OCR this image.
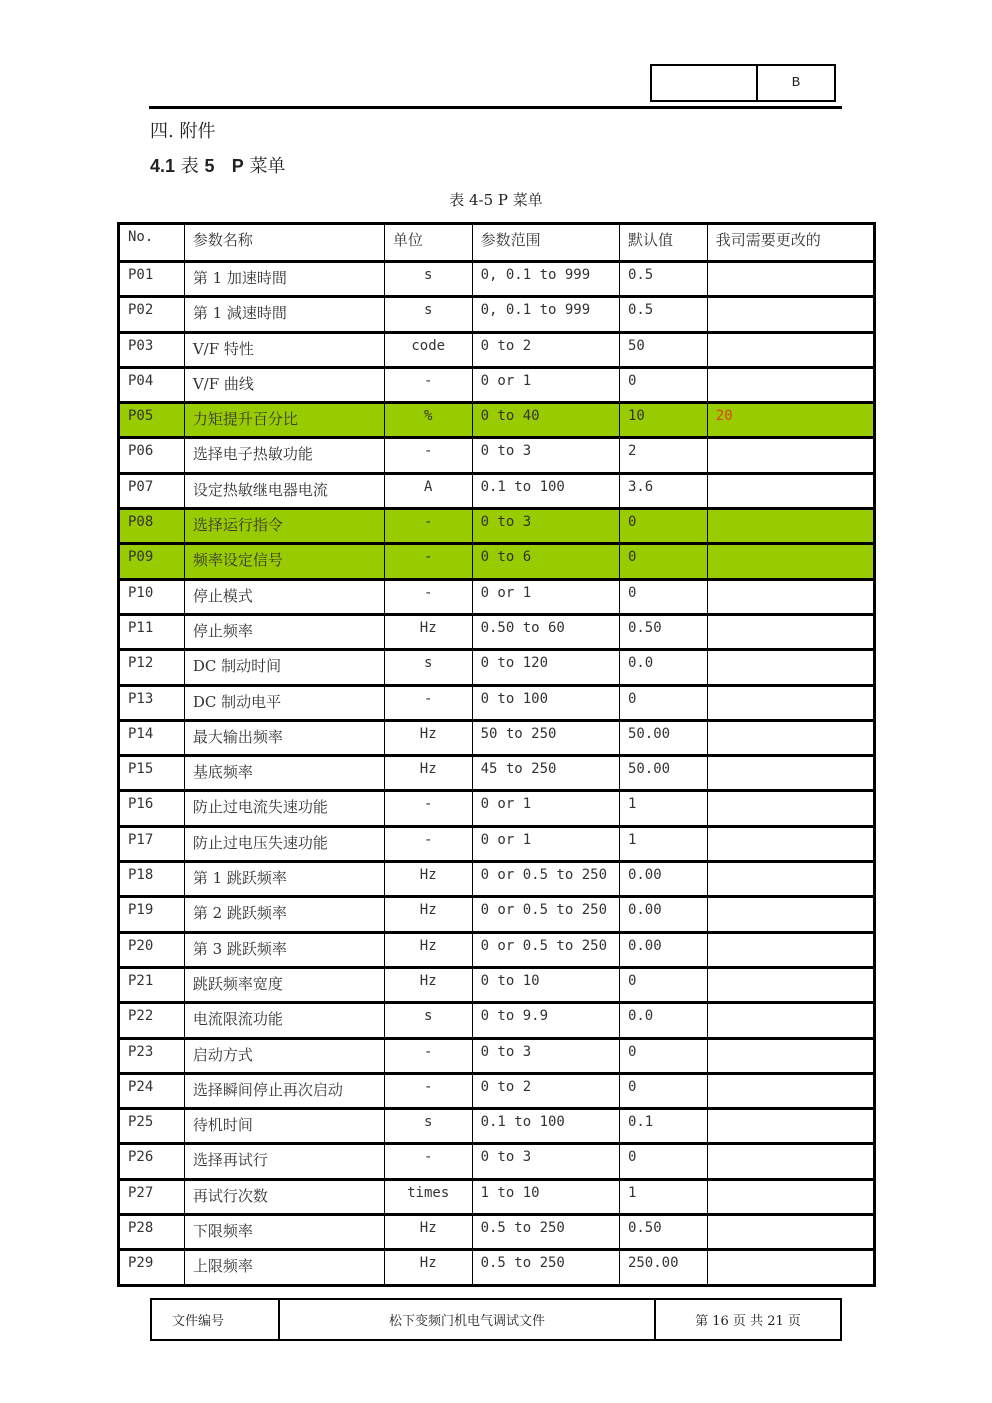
B
四. 附件
4.1 表 5 P 菜单
表 4-5 P 菜单
No.	参数名称	单位	参数范围	默认值	我司需要更改的
P01	第 1 加速時間	s	0, 0.1 to 999	0.5	
P02	第 1 減速時間	s	0, 0.1 to 999	0.5	
P03	V/F 特性	code	0 to 2	50	
P04	V/F 曲线	-	0 or 1	0	
P05	力矩提升百分比	%	0 to 40	10	20
P06	选择电子热敏功能	-	0 to 3	2	
P07	设定热敏继电器电流	A	0.1 to 100	3.6	
P08	选择运行指令	-	0 to 3	0	
P09	频率设定信号	-	0 to 6	0	
P10	停止模式	-	0 or 1	0	
P11	停止频率	Hz	0.50 to 60	0.50	
P12	DC 制动时间	s	0 to 120	0.0	
P13	DC 制动电平	-	0 to 100	0	
P14	最大输出频率	Hz	50 to 250	50.00	
P15	基底频率	Hz	45 to 250	50.00	
P16	防止过电流失速功能	-	0 or 1	1	
P17	防止过电压失速功能	-	0 or 1	1	
P18	第 1 跳跃频率	Hz	0 or 0.5 to 250	0.00	
P19	第 2 跳跃频率	Hz	0 or 0.5 to 250	0.00	
P20	第 3 跳跃频率	Hz	0 or 0.5 to 250	0.00	
P21	跳跃频率宽度	Hz	0 to 10	0	
P22	电流限流功能	s	0 to 9.9	0.0	
P23	启动方式	-	0 to 3	0	
P24	选择瞬间停止再次启动	-	0 to 2	0	
P25	待机时间	s	0.1 to 100	0.1	
P26	选择再试行	-	0 to 3	0	
P27	再试行次数	times	1 to 10	1	
P28	下限频率	Hz	0.5 to 250	0.50	
P29	上限频率	Hz	0.5 to 250	250.00	
文件编号	松下变频门机电气调试文件	第 16 页 共 21 页
